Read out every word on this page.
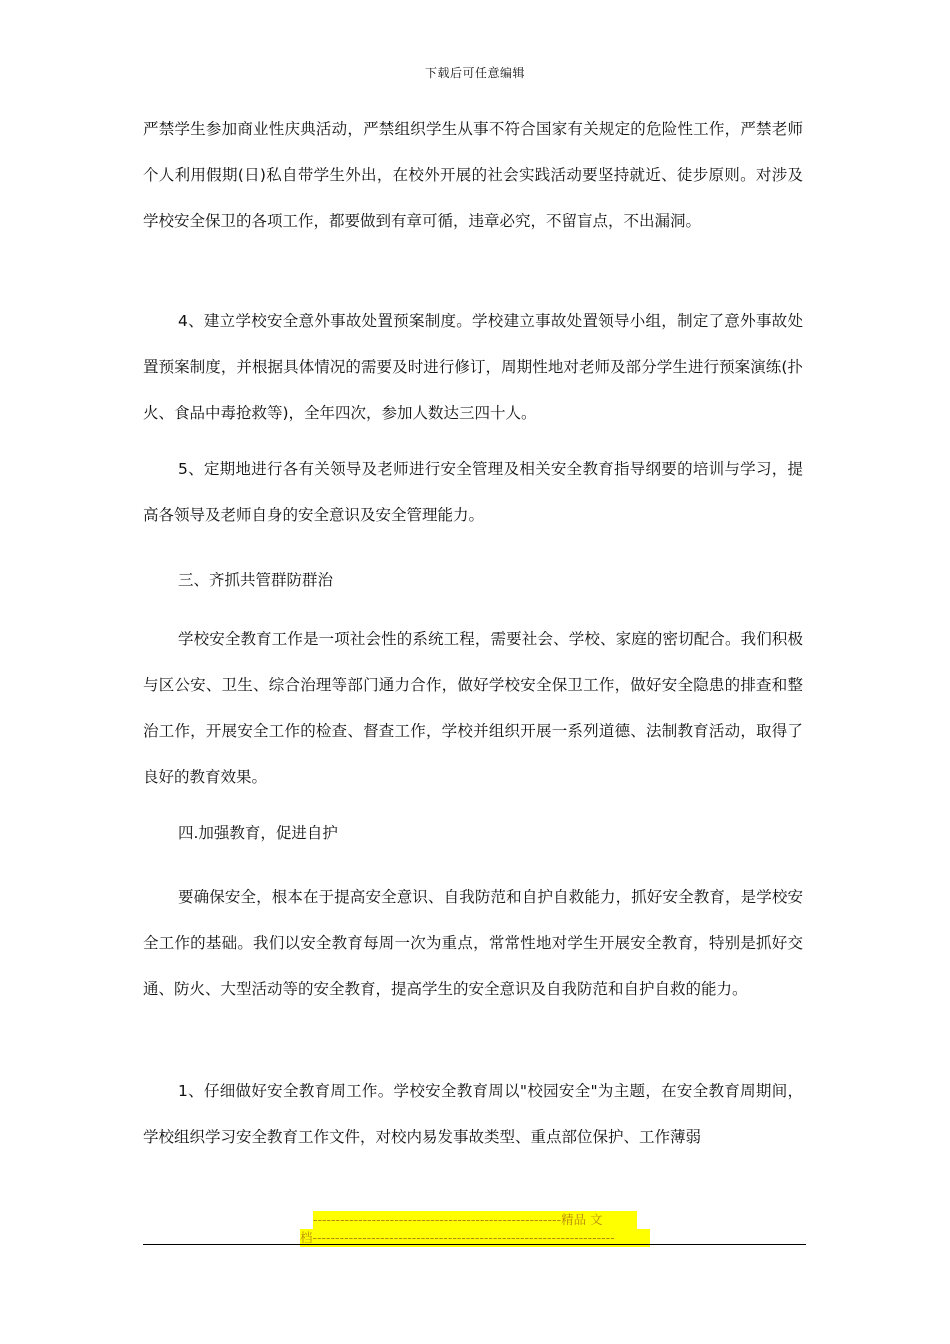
下载后可任意编辑

严禁学生参加商业性庆典活动，严禁组织学生从事不符合国家有关规定的危险性工作，严禁老师个人利用假期(日)私自带学生外出，在校外开展的社会实践活动要坚持就近、徒步原则。对涉及学校安全保卫的各项工作，都要做到有章可循，违章必究，不留盲点，不出漏洞。

4、建立学校安全意外事故处置预案制度。学校建立事故处置领导小组，制定了意外事故处置预案制度，并根据具体情况的需要及时进行修订，周期性地对老师及部分学生进行预案演练(扑火、食品中毒抢救等)，全年四次，参加人数达三四十人。

5、定期地进行各有关领导及老师进行安全管理及相关安全教育指导纲要的培训与学习，提高各领导及老师自身的安全意识及安全管理能力。

三、齐抓共管群防群治

学校安全教育工作是一项社会性的系统工程，需要社会、学校、家庭的密切配合。我们积极与区公安、卫生、综合治理等部门通力合作，做好学校安全保卫工作，做好安全隐患的排查和整治工作，开展安全工作的检查、督查工作，学校并组织开展一系列道德、法制教育活动，取得了良好的教育效果。

四.加强教育，促进自护

要确保安全，根本在于提高安全意识、自我防范和自护自救能力，抓好安全教育，是学校安全工作的基础。我们以安全教育每周一次为重点，常常性地对学生开展安全教育，特别是抓好交通、防火、大型活动等的安全教育，提高学生的安全意识及自我防范和自护自救的能力。

1、仔细做好安全教育周工作。学校安全教育周以"校园安全"为主题，在安全教育周期间，学校组织学习安全教育工作文件，对校内易发事故类型、重点部位保护、工作薄弱

-------------------------------------------------------精品 文
档-------------------------------------------------------------------
